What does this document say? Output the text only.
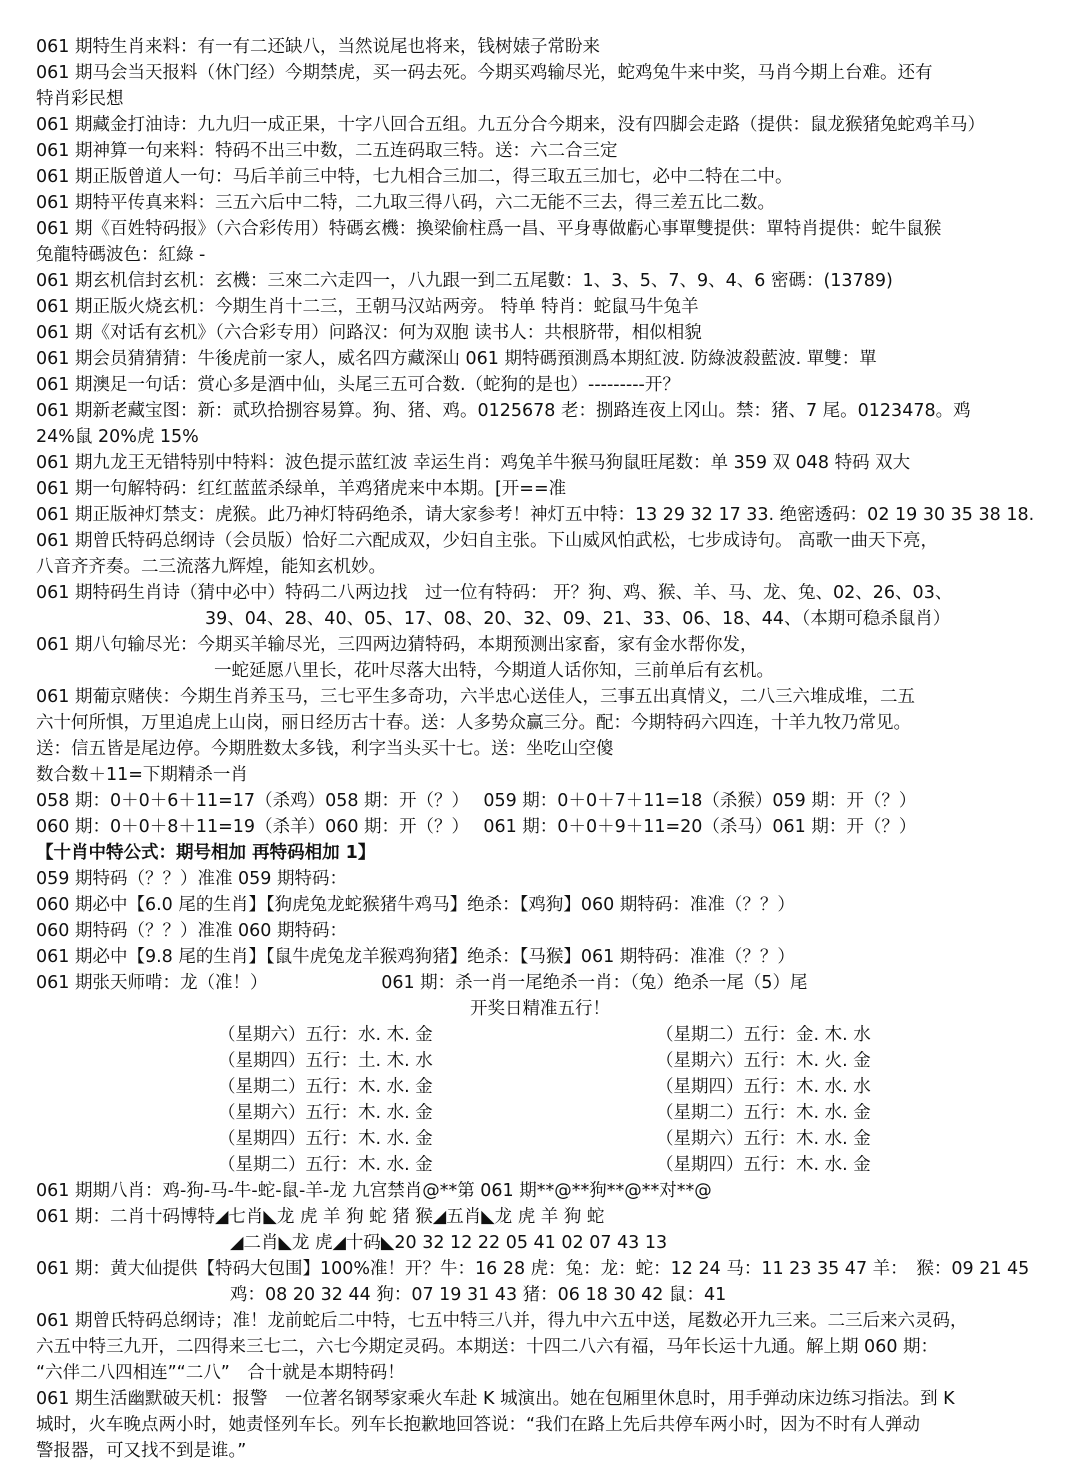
061 期特生肖来料：有一有二还缺八，当然说尾也将来，钱树婊子常盼来
061 期马会当天报料（休门经）今期禁虎，买一码去死。今期买鸡输尽光，蛇鸡兔牛来中奖，马肖今期上台难。还有
特肖彩民想
061 期藏金打油诗：九九归一成正果，十字八回合五组。九五分合今期来，没有四脚会走路（提供：鼠龙猴猪兔蛇鸡羊马）
061 期神算一句来料：特码不出三中数，二五连码取三特。送：六二合三定
061 期正版曾道人一句：马后羊前三中特，七九相合三加二，得三取五三加七，必中二特在二中。
061 期特平传真来料：三五六后中二特，二九取三得八码，六二无能不三去，得三差五比二数。
061 期《百姓特码报》（六合彩传用）特碼玄機：換梁偷柱爲一昌、平身專做虧心事單雙提供：單特肖提供：蛇牛鼠猴
兔龍特碼波色：紅綠 -
061 期玄机信封玄机：玄機：三來二六走四一，八九跟一到二五尾數：1、3、5、7、9、4、6 密碼：(13789)
061 期正版火烧玄机：今期生肖十二三，王朝马汉站两旁。 特单 特肖：蛇鼠马牛兔羊
061 期《对话有玄机》（六合彩专用）问路汉：何为双胞 读书人：共根脐带，相似相貌
061 期会员猜猜猜：牛後虎前一家人，威名四方藏深山 061 期特碼預測爲本期紅波. 防綠波殺藍波. 單雙：單
061 期澳足一句话：赏心多是酒中仙，头尾三五可合数.（蛇狗的是也）---------开？
061 期新老藏宝图：新：贰玖拾捌容易算。狗、猪、鸡。0125678 老：捌路连夜上冈山。禁：猪、7 尾。0123478。鸡
24%鼠 20%虎 15%
061 期九龙王无错特别中特料：波色提示蓝红波 幸运生肖：鸡兔羊牛猴马狗鼠旺尾数：单 359 双 048 特码 双大
061 期一句解特码：红红蓝蓝杀绿单，羊鸡猪虎来中本期。[开==准
061 期正版神灯禁支：虎猴。此乃神灯特码绝杀，请大家参考！神灯五中特：13 29 32 17 33. 绝密透码：02 19 30 35 38 18.
061 期曾氏特码总纲诗（会员版）恰好二六配成双，少妇自主张。下山威风怕武松，七步成诗句。 高歌一曲天下亮，
八音齐齐奏。二三流落九辉煌，能知玄机妙。
061 期特码生肖诗（猜中必中）特码二八两边找　过一位有特码： 开？狗、鸡、猴、羊、马、龙、兔、02、26、03、
39、04、28、40、05、17、08、20、32、09、21、33、06、18、44、（本期可稳杀鼠肖）
061 期八句输尽光：今期买羊输尽光，三四两边猜特码，本期预测出家畜，家有金水帮你发，
一蛇延愿八里长，花叶尽落大出特，今期道人话你知，三前单后有玄机。
061 期葡京赌侠：今期生肖养玉马，三七平生多奇功，六半忠心送佳人，三事五出真情义，二八三六堆成堆，二五
六十何所惧，万里追虎上山岗，丽日经历古十春。送：人多势众赢三分。配：今期特码六四连，十羊九牧乃常见。
送：信五皆是尾边停。今期胜数太多钱，利字当头买十七。送：坐吃山空傻
数合数＋11=下期精杀一肖
058 期：0＋0＋6＋11=17（杀鸡）058 期：开（？）　 059 期：0＋0＋7＋11=18（杀猴）059 期：开（？）
060 期：0＋0＋8＋11=19（杀羊）060 期：开（？）　 061 期：0＋0＋9＋11=20（杀马）061 期：开（？）
【十肖中特公式：期号相加 再特码相加 1】
059 期特码（？？）准准 059 期特码：
060 期必中【6.0 尾的生肖】【狗虎兔龙蛇猴猪牛鸡马】绝杀：【鸡狗】060 期特码：准准（？？）
060 期特码（？？）准准 060 期特码：
061 期必中【9.8 尾的生肖】【鼠牛虎兔龙羊猴鸡狗猪】绝杀：【马猴】061 期特码：准准（？？）
061 期张天师啃：龙（准！）　　　　　　　061 期：杀一肖一尾绝杀一肖：（兔）绝杀一尾（5）尾
开奖日精准五行！
（星期六）五行：水. 木. 金	（星期二）五行：金. 木. 水
（星期四）五行：土. 木. 水	（星期六）五行：木. 火. 金
（星期二）五行：木. 水. 金	（星期四）五行：木. 水. 水
（星期六）五行：木. 水. 金	（星期二）五行：木. 水. 金
（星期四）五行：木. 水. 金	（星期六）五行：木. 水. 金
（星期二）五行：木. 水. 金	（星期四）五行：木. 水. 金
061 期期八肖：鸡-狗-马-牛-蛇-鼠-羊-龙 九宫禁肖@**第 061 期**@**狗**@**对**@
061 期：二肖十码博特◢七肖◣龙 虎 羊 狗 蛇 猪 猴◢五肖◣龙 虎 羊 狗 蛇
◢二肖◣龙 虎◢十码◣20 32 12 22 05 41 02 07 43 13
061 期：黄大仙提供【特码大包围】100%准！开？牛：16 28 虎：兔：龙：蛇：12 24 马：11 23 35 47 羊：　猴：09 21 45
鸡：08 20 32 44 狗：07 19 31 43 猪：06 18 30 42 鼠：41
061 期曾氏特码总纲诗；准！龙前蛇后二中特，七五中特三八并，得九中六五中送，尾数必开九三来。二三后来六灵码，
六五中特三九开，二四得来三七二，六七今期定灵码。本期送：十四二八六有福，马年长运十九通。解上期 060 期：
“六伴二八四相连”“二八”　合十就是本期特码！
061 期生活幽默破天机：报警　一位著名钢琴家乘火车赴 K 城演出。她在包厢里休息时，用手弹动床边练习指法。到 K
城时，火车晚点两小时，她责怪列车长。列车长抱歉地回答说：“我们在路上先后共停车两小时，因为不时有人弹动
警报器，可又找不到是谁。”
